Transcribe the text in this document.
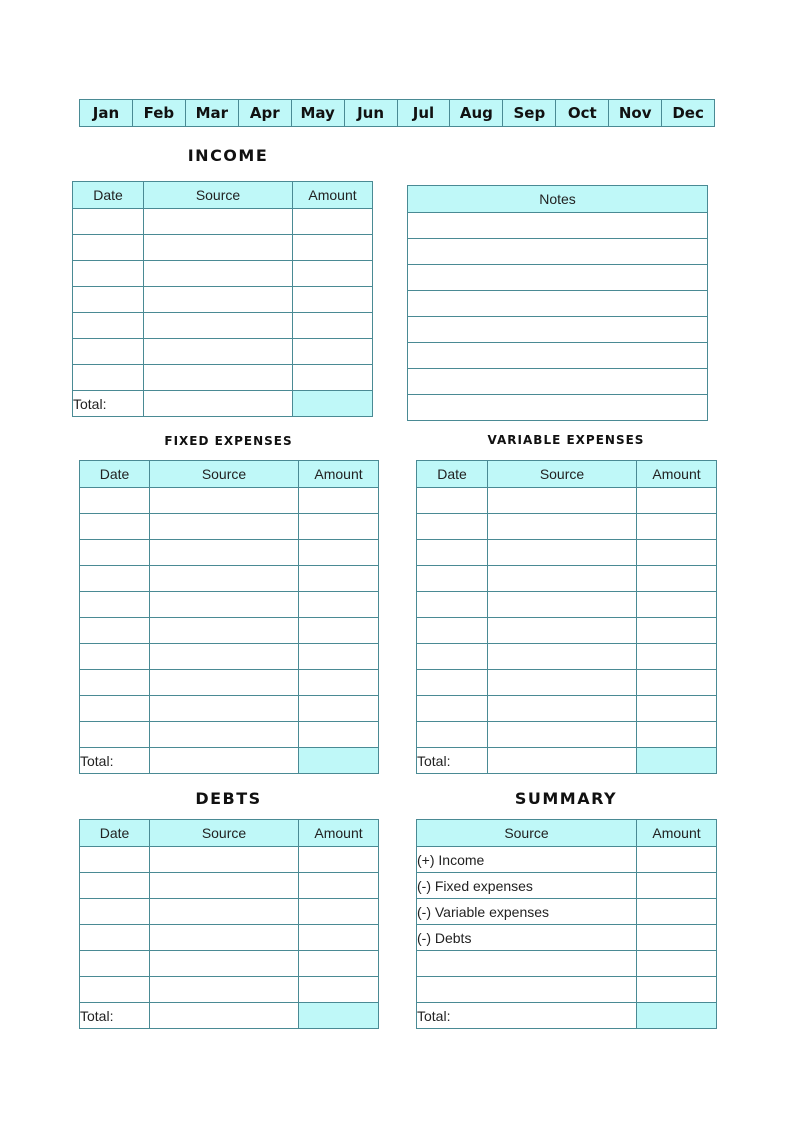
Jan	Feb	Mar	Apr	May	Jun	Jul	Aug	Sep	Oct	Nov	Dec
INCOME
Date	Source	Amount

Total:		
Notes

FIXED EXPENSES
Date	Source	Amount

Total:		
VARIABLE EXPENSES
Date	Source	Amount

Total:		
DEBTS
Date	Source	Amount

Total:		
SUMMARY
Source	Amount
(+) Income	
(-) Fixed expenses	
(-) Variable expenses	
(-) Debts	

Total:	
